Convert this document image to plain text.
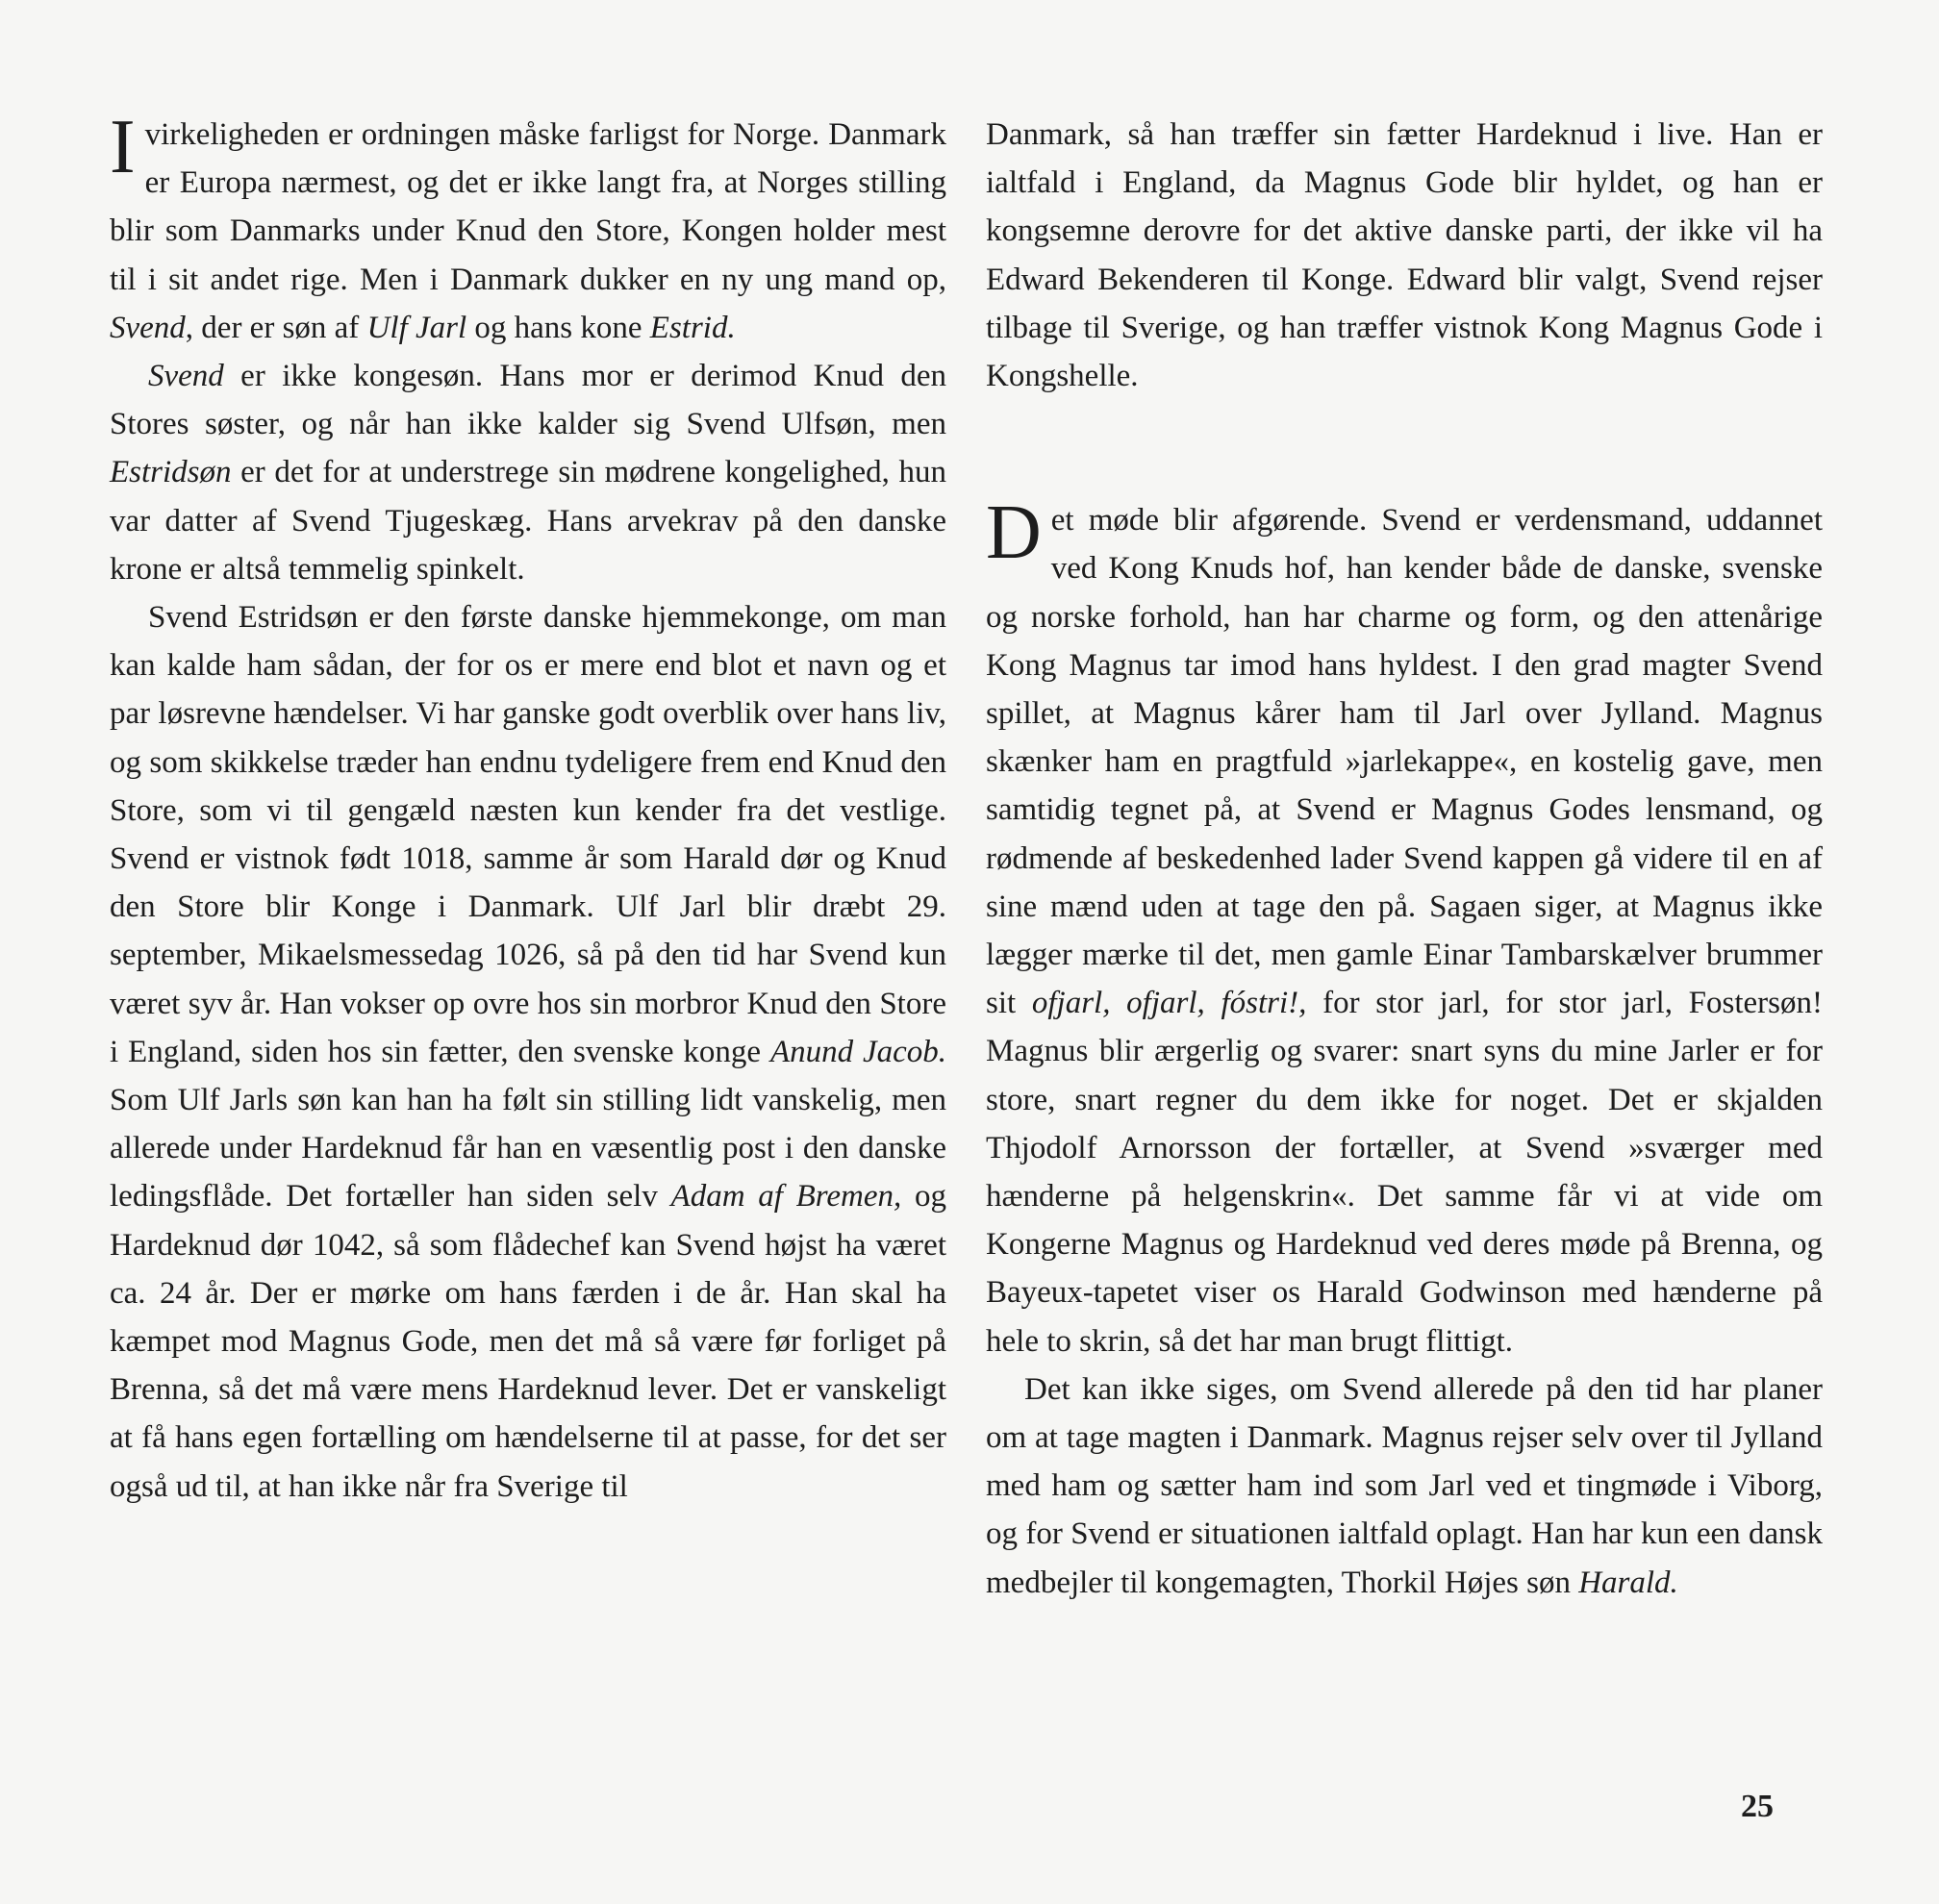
I virkeligheden er ordningen måske farligst for Norge. Danmark er Europa nærmest, og det er ikke langt fra, at Norges stilling blir som Danmarks under Knud den Store, Kongen holder mest til i sit andet rige. Men i Danmark dukker en ny ung mand op, Svend, der er søn af Ulf Jarl og hans kone Estrid.

Svend er ikke kongesøn. Hans mor er derimod Knud den Stores søster, og når han ikke kalder sig Svend Ulfsøn, men Estridsøn er det for at understrege sin mødrene kongelighed, hun var datter af Svend Tjugeskæg. Hans arvekrav på den danske krone er altså temmelig spinkelt.

Svend Estridsøn er den første danske hjemmekonge, om man kan kalde ham sådan, der for os er mere end blot et navn og et par løsrevne hændelser. Vi har ganske godt overblik over hans liv, og som skikkelse træder han endnu tydeligere frem end Knud den Store, som vi til gengæld næsten kun kender fra det vestlige. Svend er vistnok født 1018, samme år som Harald dør og Knud den Store blir Konge i Danmark. Ulf Jarl blir dræbt 29. september, Mikaelsmessedag 1026, så på den tid har Svend kun været syv år. Han vokser op ovre hos sin morbror Knud den Store i England, siden hos sin fætter, den svenske konge Anund Jacob. Som Ulf Jarls søn kan han ha følt sin stilling lidt vanskelig, men allerede under Hardeknud får han en væsentlig post i den danske ledingsflåde. Det fortæller han siden selv Adam af Bremen, og Hardeknud dør 1042, så som flådechef kan Svend højst ha været ca. 24 år. Der er mørke om hans færden i de år. Han skal ha kæmpet mod Magnus Gode, men det må så være før forliget på Brenna, så det må være mens Hardeknud lever. Det er vanskeligt at få hans egen fortælling om hændelserne til at passe, for det ser også ud til, at han ikke når fra Sverige til

Danmark, så han træffer sin fætter Hardeknud i live. Han er ialtfald i England, da Magnus Gode blir hyldet, og han er kongsemne derovre for det aktive danske parti, der ikke vil ha Edward Bekenderen til Konge. Edward blir valgt, Svend rejser tilbage til Sverige, og han træffer vistnok Kong Magnus Gode i Kongshelle.

Det møde blir afgørende. Svend er verdensmand, uddannet ved Kong Knuds hof, han kender både de danske, svenske og norske forhold, han har charme og form, og den attenårige Kong Magnus tar imod hans hyldest. I den grad magter Svend spillet, at Magnus kårer ham til Jarl over Jylland. Magnus skænker ham en pragtfuld »jarlekappe«, en kostelig gave, men samtidig tegnet på, at Svend er Magnus Godes lensmand, og rødmende af beskedenhed lader Svend kappen gå videre til en af sine mænd uden at tage den på. Sagaen siger, at Magnus ikke lægger mærke til det, men gamle Einar Tambarskælver brummer sit ofjarl, ofjarl, fóstri!, for stor jarl, for stor jarl, Fostersøn! Magnus blir ærgerlig og svarer: snart syns du mine Jarler er for store, snart regner du dem ikke for noget. Det er skjalden Thjodolf Arnorsson der fortæller, at Svend »sværger med hænderne på helgenskrin«. Det samme får vi at vide om Kongerne Magnus og Hardeknud ved deres møde på Brenna, og Bayeux-tapetet viser os Harald Godwinson med hænderne på hele to skrin, så det har man brugt flittigt.

Det kan ikke siges, om Svend allerede på den tid har planer om at tage magten i Danmark. Magnus rejser selv over til Jylland med ham og sætter ham ind som Jarl ved et tingmøde i Viborg, og for Svend er situationen ialtfald oplagt. Han har kun een dansk medbejler til kongemagten, Thorkil Højes søn Harald.

25
